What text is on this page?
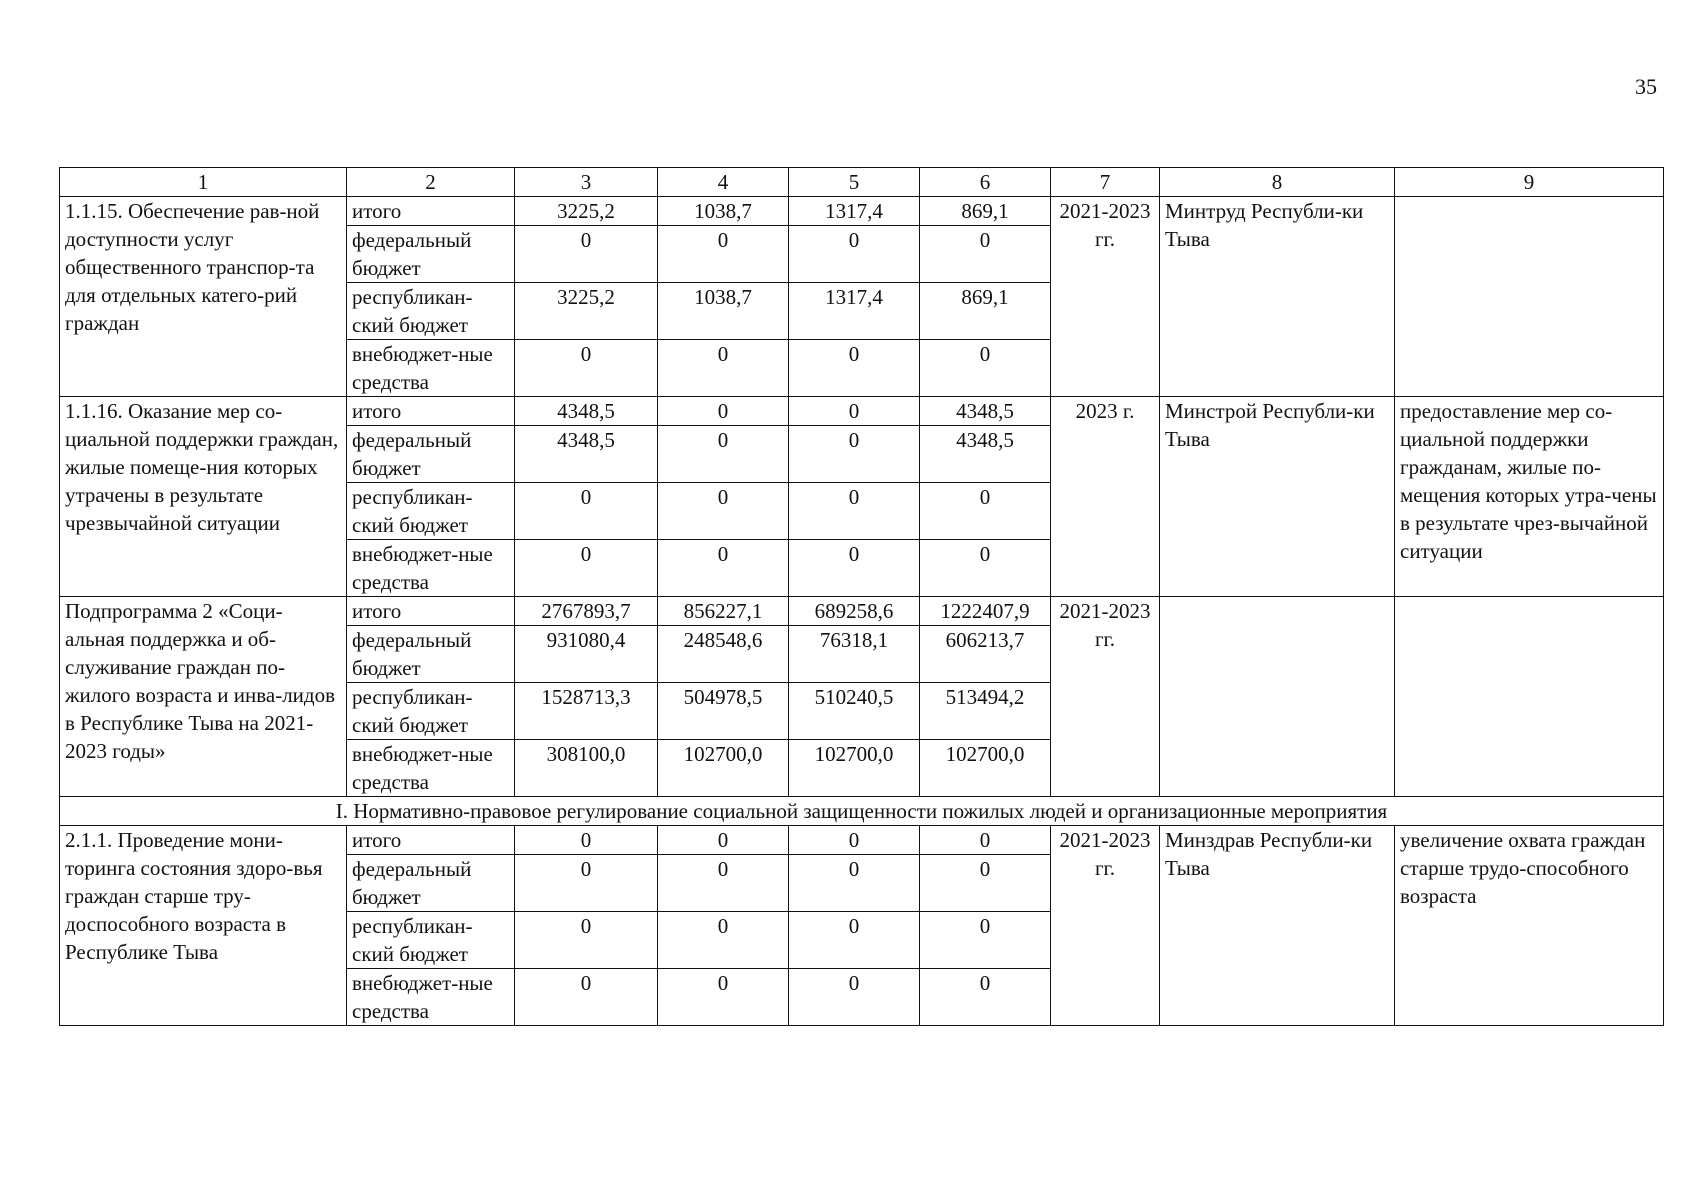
35
1	2	3	4	5	6	7	8	9
1.1.15. Обеспечение рав-ной доступности услуг общественного транспор-та для отдельных катего-рий граждан	итого	3225,2	1038,7	1317,4	869,1	2021-2023 гг.	Минтруд Республи-ки Тыва	
	федеральный бюджет	0	0	0	0			
	республикан-ский бюджет	3225,2	1038,7	1317,4	869,1			
	внебюджет-ные средства	0	0	0	0			
1.1.16. Оказание мер со-циальной поддержки граждан, жилые помеще-ния которых утрачены в результате чрезвычайной ситуации	итого	4348,5	0	0	4348,5	2023 г.	Минстрой Республи-ки Тыва	предоставление мер со-циальной поддержки гражданам, жилые по-мещения которых утра-чены в результате чрез-вычайной ситуации
	федеральный бюджет	4348,5	0	0	4348,5			
	республикан-ский бюджет	0	0	0	0			
	внебюджет-ные средства	0	0	0	0			
Подпрограмма 2 «Соци-альная поддержка и об-служивание граждан по-жилого возраста и инва-лидов в Республике Тыва на 2021-2023 годы»	итого	2767893,7	856227,1	689258,6	1222407,9	2021-2023 гг.		
	федеральный бюджет	931080,4	248548,6	76318,1	606213,7			
	республикан-ский бюджет	1528713,3	504978,5	510240,5	513494,2			
	внебюджет-ные средства	308100,0	102700,0	102700,0	102700,0			
I. Нормативно-правовое регулирование социальной защищенности пожилых людей и организационные мероприятия								
2.1.1. Проведение мони-торинга состояния здоро-вья граждан старше тру-доспособного возраста в Республике Тыва	итого	0	0	0	0	2021-2023 гг.	Минздрав Республи-ки Тыва	увеличение охвата граждан старше трудо-способного возраста
	федеральный бюджет	0	0	0	0			
	республикан-ский бюджет	0	0	0	0			
	внебюджет-ные средства	0	0	0	0			
